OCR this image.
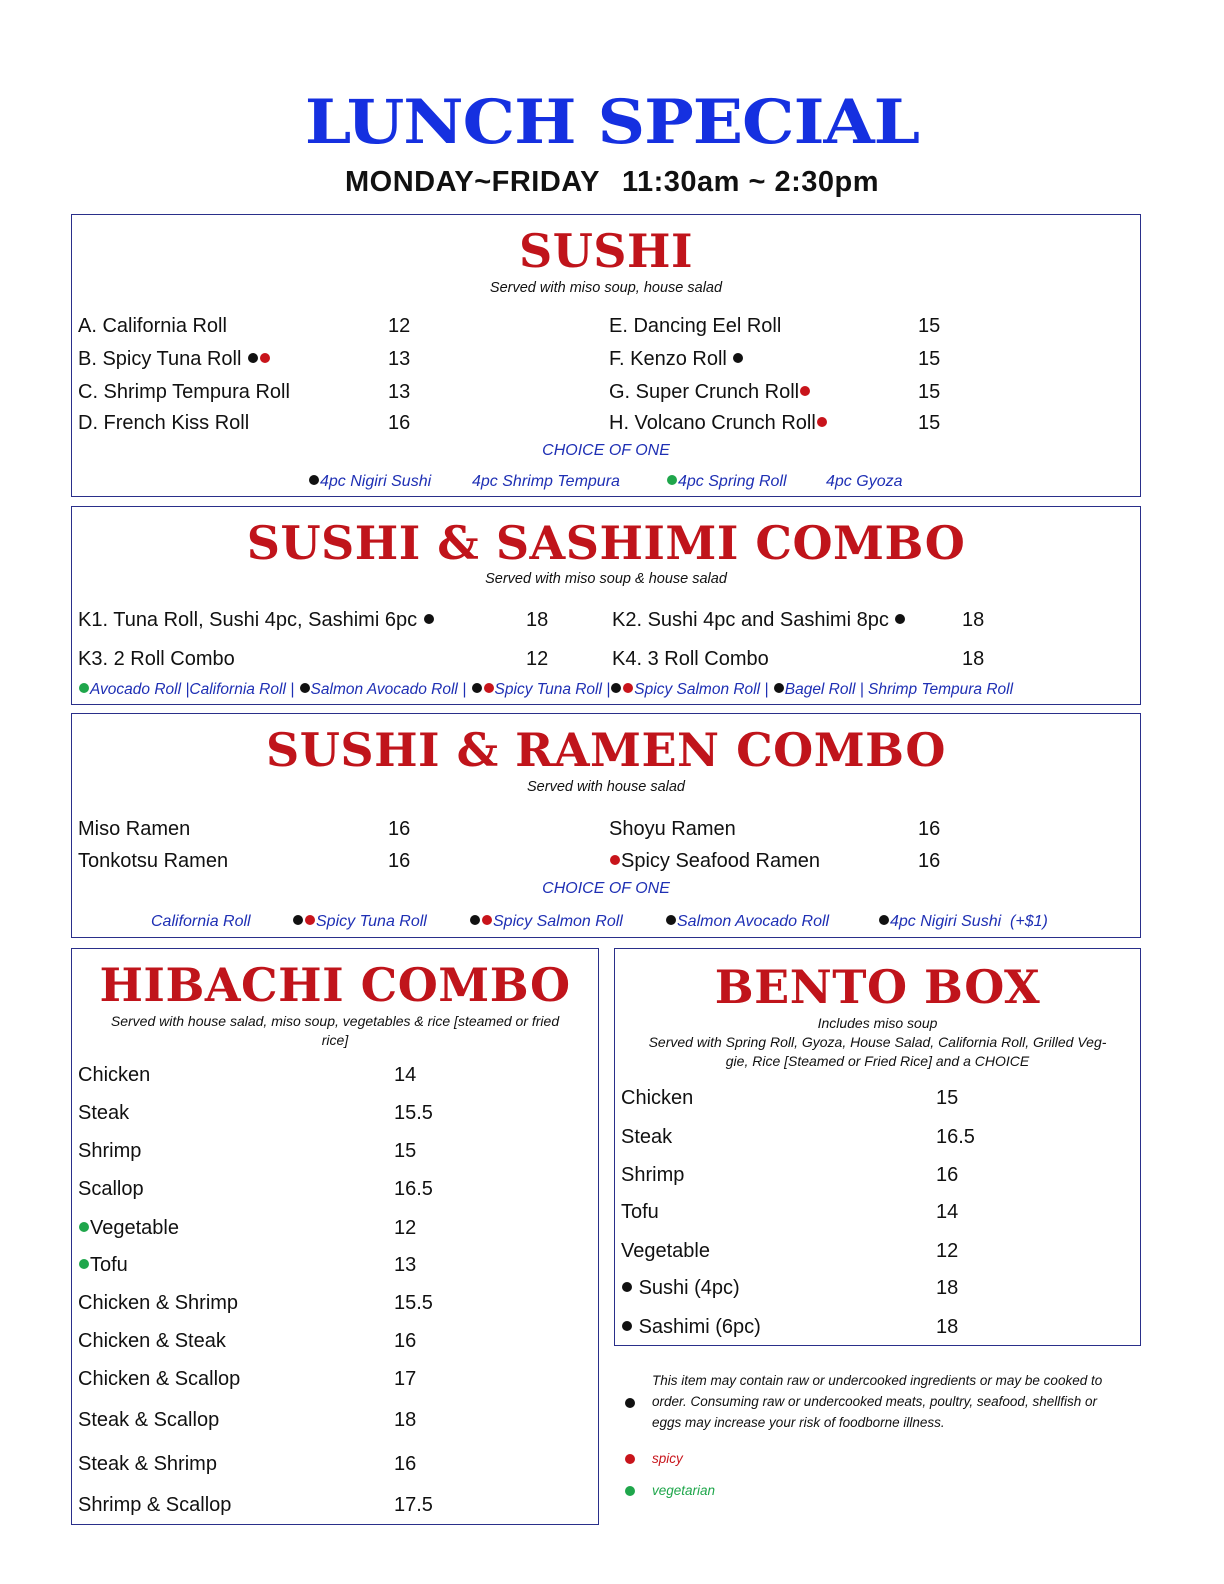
LUNCH SPECIAL
MONDAY~FRIDAY 11:30am ~ 2:30pm
SUSHI
Served with miso soup, house salad
A. California Roll	12
B. Spicy Tuna Roll	13
C. Shrimp Tempura Roll	13
D. French Kiss Roll	16
E. Dancing Eel Roll	15
F. Kenzo Roll	15
G. Super Crunch Roll	15
H. Volcano Crunch Roll	15
CHOICE OF ONE
4pc Nigiri Sushi	4pc Shrimp Tempura	4pc Spring Roll 4pc Gyoza
SUSHI & SASHIMI COMBO
Served with miso soup & house salad
K1. Tuna Roll, Sushi 4pc, Sashimi 6pc	18	K2. Sushi 4pc and Sashimi 8pc	18
K3. 2 Roll Combo	12	K4. 3 Roll Combo	18
Avocado Roll |California Roll | Salmon Avocado Roll | Spicy Tuna Roll | Spicy Salmon Roll | Bagel Roll | Shrimp Tempura Roll
SUSHI & RAMEN COMBO
Served with house salad
Miso Ramen	16
Tonkotsu Ramen	16
Shoyu Ramen	16
Spicy Seafood Ramen	16
CHOICE OF ONE
California Roll	Spicy Tuna Roll	Spicy Salmon Roll	Salmon Avocado Roll	4pc Nigiri Sushi  (+$1)
HIBACHI COMBO
Served with house salad, miso soup, vegetables & rice [steamed or fried
rice]
Chicken	14
Steak	15.5
Shrimp	15
Scallop	16.5
Vegetable	12
Tofu	13
Chicken & Shrimp	15.5
Chicken & Steak	16
Chicken & Scallop	17
Steak & Scallop	18
Steak & Shrimp	16
Shrimp & Scallop	17.5
BENTO BOX
Includes miso soup
Served with Spring Roll, Gyoza, House Salad, California Roll, Grilled Veg-
gie, Rice [Steamed or Fried Rice] and a CHOICE
Chicken	15
Steak	16.5
Shrimp	16
Tofu	14
Vegetable	12
Sushi (4pc)	18
Sashimi (6pc)	18
This item may contain raw or undercooked ingredients or may be cooked to
order. Consuming raw or undercooked meats, poultry, seafood, shellfish or
eggs may increase your risk of foodborne illness.
spicy
vegetarian
